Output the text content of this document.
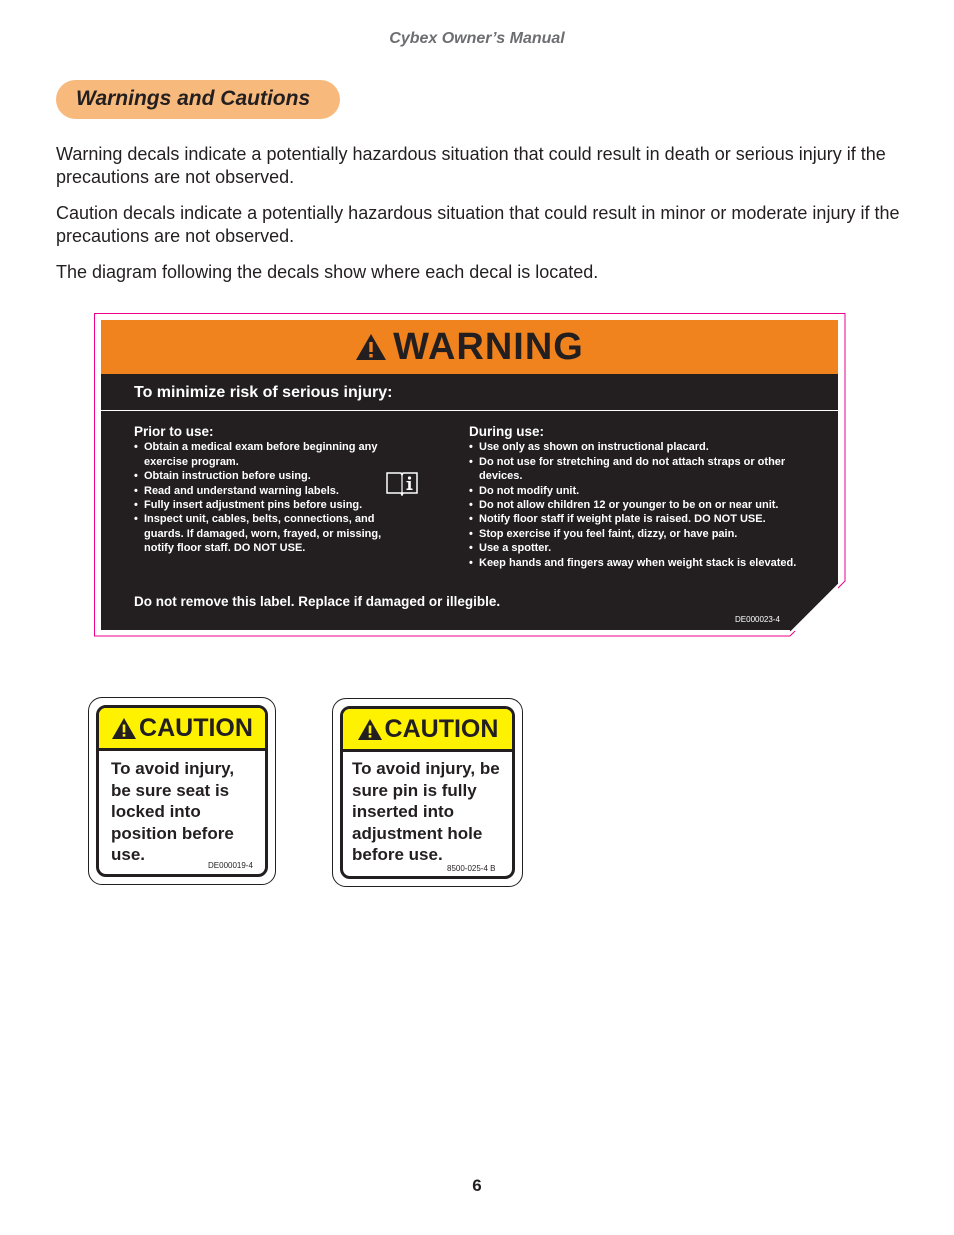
Cybex Owner’s Manual
Warnings and Cautions
Warning decals indicate a potentially hazardous situation that could result in death or serious injury if the precautions are not observed.
Caution decals indicate a potentially hazardous situation that could result in minor or moderate injury if the precautions are not observed.
The diagram following the decals show where each decal is located.
WARNING
To minimize risk of serious injury:
Prior to use:
• Obtain a medical exam before beginning any exercise program.
• Obtain instruction before using.
• Read and understand warning labels.
• Fully insert adjustment pins before using.
• Inspect unit, cables, belts, connections, and guards. If damaged, worn, frayed, or missing, notify floor staff. DO NOT USE.
During use:
• Use only as shown on instructional placard.
• Do not use for stretching and do not attach straps or other devices.
• Do not modify unit.
• Do not allow children 12 or younger to be on or near unit.
• Notify floor staff if weight plate is raised. DO NOT USE.
• Stop exercise if you feel faint, dizzy, or have pain.
• Use a spotter.
• Keep hands and fingers away when weight stack is elevated.
Do not remove this label. Replace if damaged or illegible.
DE000023-4
CAUTION
To avoid injury,
be sure seat is
locked into
position before
use.
DE000019-4
CAUTION
To avoid injury, be
sure pin is fully
inserted into
adjustment hole
before use.
8500-025-4 B
6
